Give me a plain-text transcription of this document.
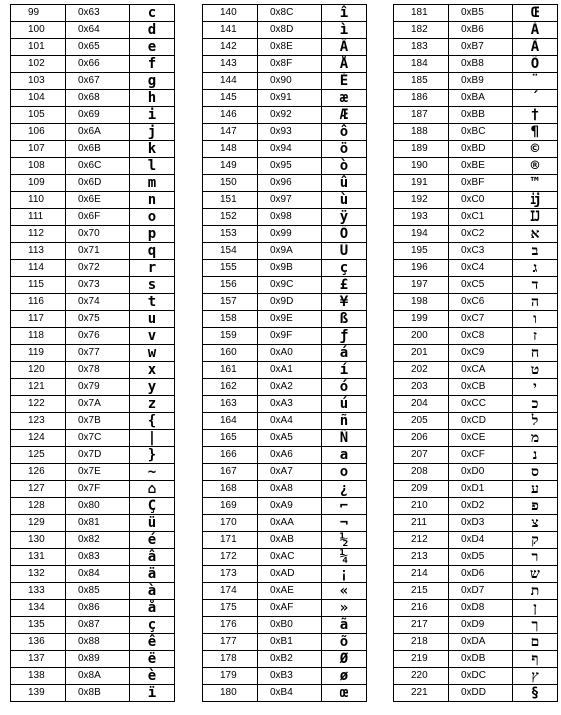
99	0x63	c
100	0x64	d
101	0x65	e
102	0x66	f
103	0x67	g
104	0x68	h
105	0x69	i
106	0x6A	j
107	0x6B	k
108	0x6C	l
109	0x6D	m
110	0x6E	n
111	0x6F	o
112	0x70	p
113	0x71	q
114	0x72	r
115	0x73	s
116	0x74	t
117	0x75	u
118	0x76	v
119	0x77	w
120	0x78	x
121	0x79	y
122	0x7A	z
123	0x7B	{
124	0x7C	|
125	0x7D	}
126	0x7E	~
127	0x7F	⌂
128	0x80	Ç
129	0x81	ü
130	0x82	é
131	0x83	â
132	0x84	ä
133	0x85	à
134	0x86	å
135	0x87	ç
136	0x88	ê
137	0x89	ë
138	0x8A	è
139	0x8B	ï
140	0x8C	î
141	0x8D	ì
142	0x8E	Ä
143	0x8F	Å
144	0x90	É
145	0x91	æ
146	0x92	Æ
147	0x93	ô
148	0x94	ö
149	0x95	ò
150	0x96	û
151	0x97	ù
152	0x98	ÿ
153	0x99	Ö
154	0x9A	Ü
155	0x9B	ç
156	0x9C	£
157	0x9D	¥
158	0x9E	ß
159	0x9F	ƒ
160	0xA0	á
161	0xA1	í
162	0xA2	ó
163	0xA3	ú
164	0xA4	ñ
165	0xA5	Ñ
166	0xA6	a
167	0xA7	o
168	0xA8	¿
169	0xA9	⌐
170	0xAA	¬
171	0xAB	½
172	0xAC	¼
173	0xAD	¡
174	0xAE	«
175	0xAF	»
176	0xB0	ã
177	0xB1	õ
178	0xB2	Ø
179	0xB3	ø
180	0xB4	œ
181	0xB5	Œ
182	0xB6	À
183	0xB7	Ã
184	0xB8	Õ
185	0xB9	¨
186	0xBA	´
187	0xBB	†
188	0xBC	¶
189	0xBD	©
190	0xBE	®
191	0xBF	™
192	0xC0	ĳ
193	0xC1	Ĳ
194	0xC2	א
195	0xC3	ב
196	0xC4	ג
197	0xC5	ד
198	0xC6	ה
199	0xC7	ו
200	0xC8	ז
201	0xC9	ח
202	0xCA	ט
203	0xCB	י
204	0xCC	כ
205	0xCD	ל
206	0xCE	מ
207	0xCF	נ
208	0xD0	ס
209	0xD1	ע
210	0xD2	פ
211	0xD3	צ
212	0xD4	ק
213	0xD5	ר
214	0xD6	ש
215	0xD7	ת
216	0xD8	ן
217	0xD9	ך
218	0xDA	ם
219	0xDB	ף
220	0xDC	ץ
221	0xDD	§
